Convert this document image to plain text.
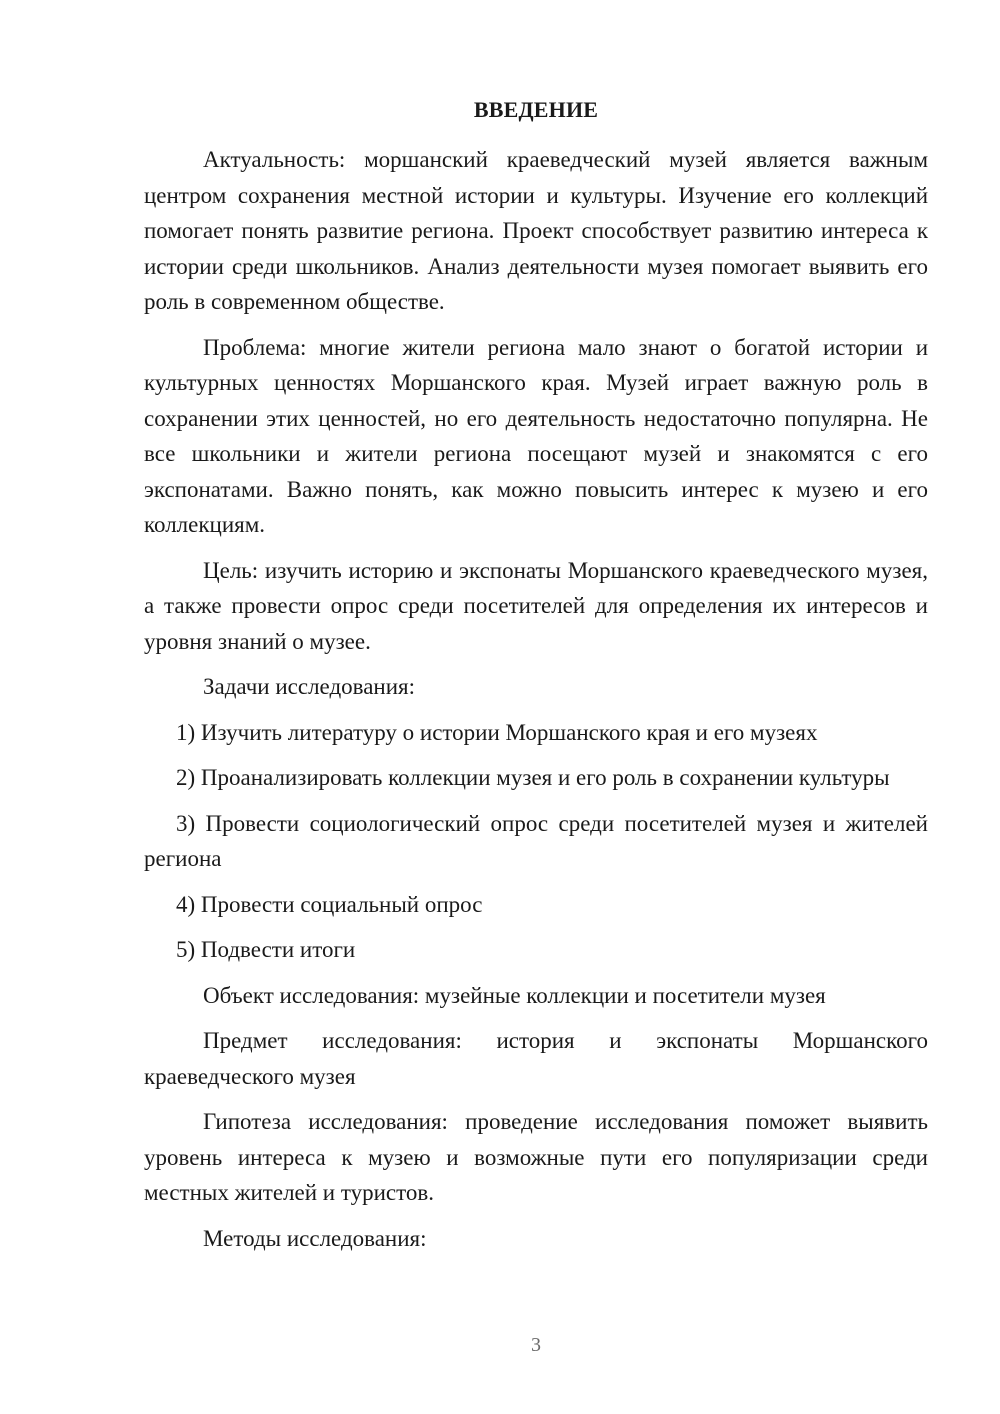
ВВЕДЕНИЕ

Актуальность: моршанский краеведческий музей является важным центром сохранения местной истории и культуры. Изучение его коллекций помогает понять развитие региона. Проект способствует развитию интереса к истории среди школьников. Анализ деятельности музея помогает выявить его роль в современном обществе.

Проблема: многие жители региона мало знают о богатой истории и культурных ценностях Моршанского края. Музей играет важную роль в сохранении этих ценностей, но его деятельность недостаточно популярна. Не все школьники и жители региона посещают музей и знакомятся с его экспонатами. Важно понять, как можно повысить интерес к музею и его коллекциям.

Цель: изучить историю и экспонаты Моршанского краеведческого музея, а также провести опрос среди посетителей для определения их интересов и уровня знаний о музее.

Задачи исследования:

1) Изучить литературу о истории Моршанского края и его музеях

2) Проанализировать коллекции музея и его роль в сохранении культуры

3) Провести социологический опрос среди посетителей музея и жителей региона

4) Провести социальный опрос

5) Подвести итоги

Объект исследования: музейные коллекции и посетители музея

Предмет исследования: история и экспонаты Моршанского краеведческого музея

Гипотеза исследования: проведение исследования поможет выявить уровень интереса к музею и возможные пути его популяризации среди местных жителей и туристов.

Методы исследования:

3
